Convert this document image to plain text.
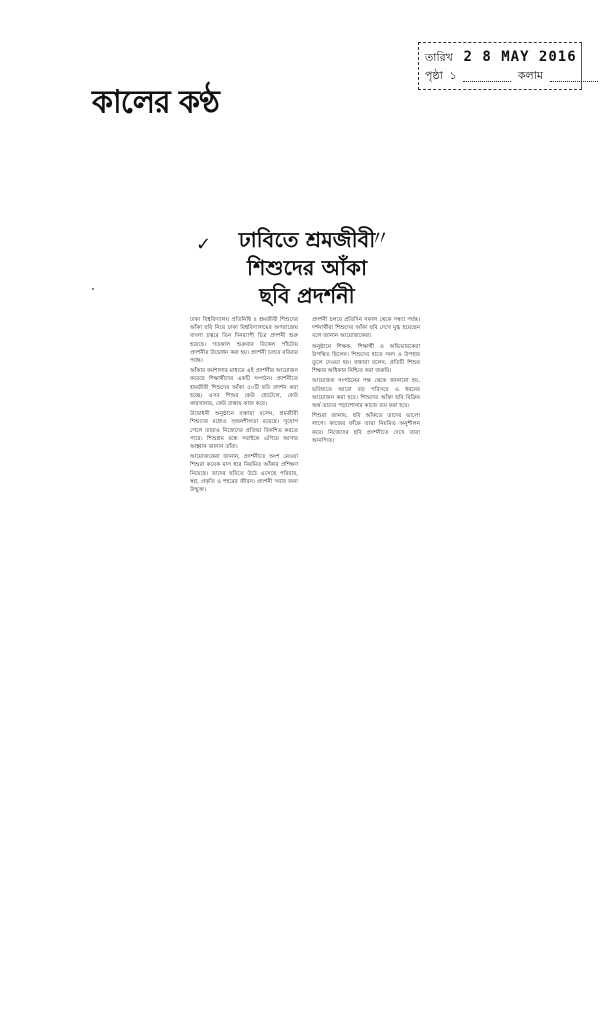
কালের কণ্ঠ
তারিখ 2 8 MAY 2016
পৃষ্ঠা ১	কলাম
✓	〃
ঢাবিতে শ্রমজীবী
শিশুদের আঁকা
ছবি প্রদর্শনী

ঢাকা বিশ্ববিদ্যালয় প্রতিনিধি ॥ শ্রমজীবী শিশুদের আঁকা ছবি নিয়ে ঢাকা বিশ্ববিদ্যালয়ের অপরাজেয় বাংলা চত্বরে তিন দিনব্যাপী চিত্র প্রদর্শনী শুরু হয়েছে। গতকাল শুক্রবার বিকেল পাঁচটায় প্রদর্শনীর উদ্বোধন করা হয়। প্রদর্শনী চলবে রবিবার পর্যন্ত।

আঁকার কর্মশালার মাধ্যমে এই প্রদর্শনীর আয়োজন করেছে শিক্ষার্থীদের একটি সংগঠন। প্রদর্শনীতে শ্রমজীবী শিশুদের আঁকা ৫০টি ছবি প্রদর্শন করা হচ্ছে। এসব শিশুর কেউ হোটেলে, কেউ কারখানায়, কেউ রাস্তায় কাজ করে।

উদ্বোধনী অনুষ্ঠানে বক্তারা বলেন, শ্রমজীবী শিশুদের মধ্যেও সৃজনশীলতা রয়েছে। সুযোগ পেলে তারাও নিজেদের প্রতিভা বিকশিত করতে পারে। শিশুশ্রম বন্ধে সবাইকে এগিয়ে আসার আহ্বান জানান তাঁরা।

আয়োজকেরা জানান, প্রদর্শনীতে অংশ নেওয়া শিশুরা কয়েক মাস ধরে নিয়মিত আঁকার প্রশিক্ষণ নিয়েছে। তাদের ছবিতে উঠে এসেছে পরিবার, স্বপ্ন, প্রকৃতি ও শহরের জীবন। প্রদর্শনী সবার জন্য উন্মুক্ত।

প্রদর্শনী চলবে প্রতিদিন সকাল থেকে সন্ধ্যা পর্যন্ত। দর্শনার্থীরা শিশুদের আঁকা ছবি দেখে মুগ্ধ হয়েছেন বলে জানান আয়োজকেরা।

অনুষ্ঠানে শিক্ষক, শিক্ষার্থী ও অভিভাবকেরা উপস্থিত ছিলেন। শিশুদের হাতে সনদ ও উপহার তুলে দেওয়া হয়। বক্তারা বলেন, প্রতিটি শিশুর শিক্ষার অধিকার নিশ্চিত করা জরুরি।

আয়োজক সংগঠনের পক্ষ থেকে জানানো হয়, ভবিষ্যতে আরো বড় পরিসরে এ ধরনের আয়োজন করা হবে। শিশুদের আঁকা ছবি বিক্রির অর্থ তাদের পড়াশোনার কাজে ব্যয় করা হবে।

শিশুরা জানায়, ছবি আঁকতে তাদের ভালো লাগে। কাজের ফাঁকে তারা নিয়মিত অনুশীলন করে। নিজেদের ছবি প্রদর্শনীতে দেখে তারা আনন্দিত।
